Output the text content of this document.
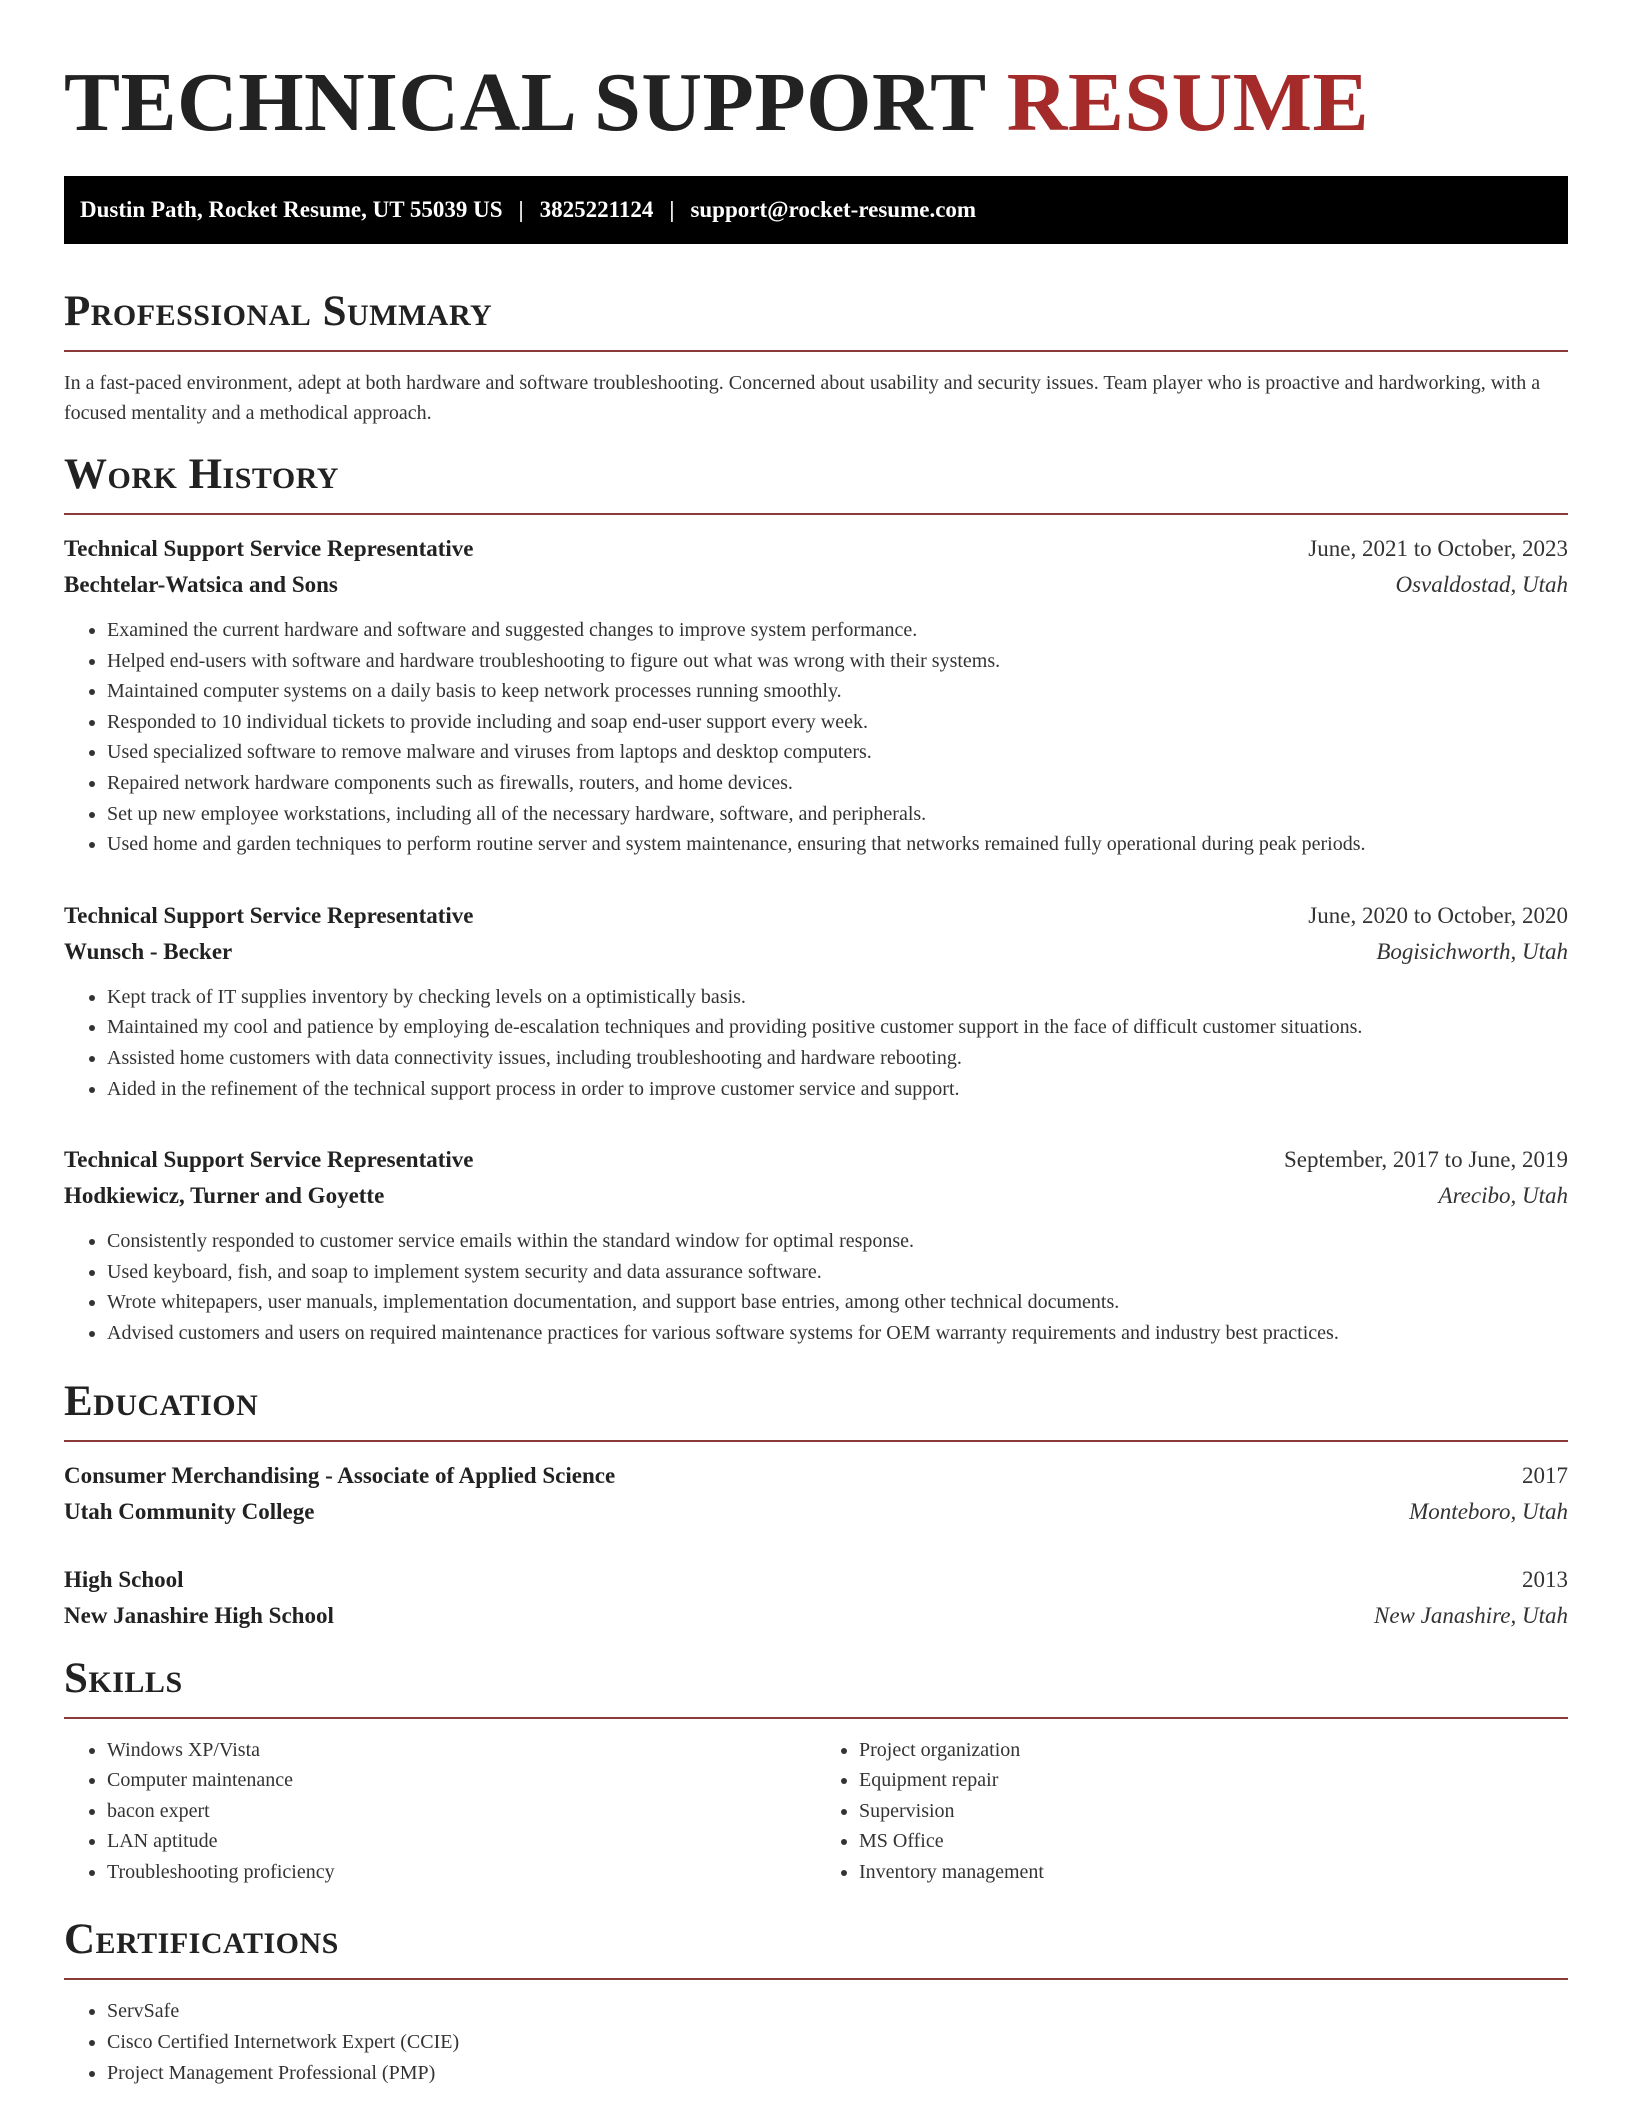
TECHNICAL SUPPORT RESUME
Dustin Path, Rocket Resume, UT 55039 US | 3825221124 | support@rocket-resume.com
Professional Summary

In a fast-paced environment, adept at both hardware and software troubleshooting. Concerned about usability and security issues. Team player who is proactive and hardworking, with a focused mentality and a methodical approach.

Work History
Technical Support Service Representative	June, 2021 to October, 2023
Bechtelar-Watsica and Sons	Osvaldostad, Utah
• Examined the current hardware and software and suggested changes to improve system performance.
• Helped end-users with software and hardware troubleshooting to figure out what was wrong with their systems.
• Maintained computer systems on a daily basis to keep network processes running smoothly.
• Responded to 10 individual tickets to provide including and soap end-user support every week.
• Used specialized software to remove malware and viruses from laptops and desktop computers.
• Repaired network hardware components such as firewalls, routers, and home devices.
• Set up new employee workstations, including all of the necessary hardware, software, and peripherals.
• Used home and garden techniques to perform routine server and system maintenance, ensuring that networks remained fully operational during peak periods.
Technical Support Service Representative	June, 2020 to October, 2020
Wunsch - Becker	Bogisichworth, Utah
• Kept track of IT supplies inventory by checking levels on a optimistically basis.
• Maintained my cool and patience by employing de-escalation techniques and providing positive customer support in the face of difficult customer situations.
• Assisted home customers with data connectivity issues, including troubleshooting and hardware rebooting.
• Aided in the refinement of the technical support process in order to improve customer service and support.
Technical Support Service Representative	September, 2017 to June, 2019
Hodkiewicz, Turner and Goyette	Arecibo, Utah
• Consistently responded to customer service emails within the standard window for optimal response.
• Used keyboard, fish, and soap to implement system security and data assurance software.
• Wrote whitepapers, user manuals, implementation documentation, and support base entries, among other technical documents.
• Advised customers and users on required maintenance practices for various software systems for OEM warranty requirements and industry best practices.
Education
Consumer Merchandising - Associate of Applied Science	2017
Utah Community College	Monteboro, Utah
High School	2013
New Janashire High School	New Janashire, Utah
Skills
• Windows XP/Vista
• Computer maintenance
• bacon expert
• LAN aptitude
• Troubleshooting proficiency
• Project organization
• Equipment repair
• Supervision
• MS Office
• Inventory management
Certifications
• ServSafe
• Cisco Certified Internetwork Expert (CCIE)
• Project Management Professional (PMP)
